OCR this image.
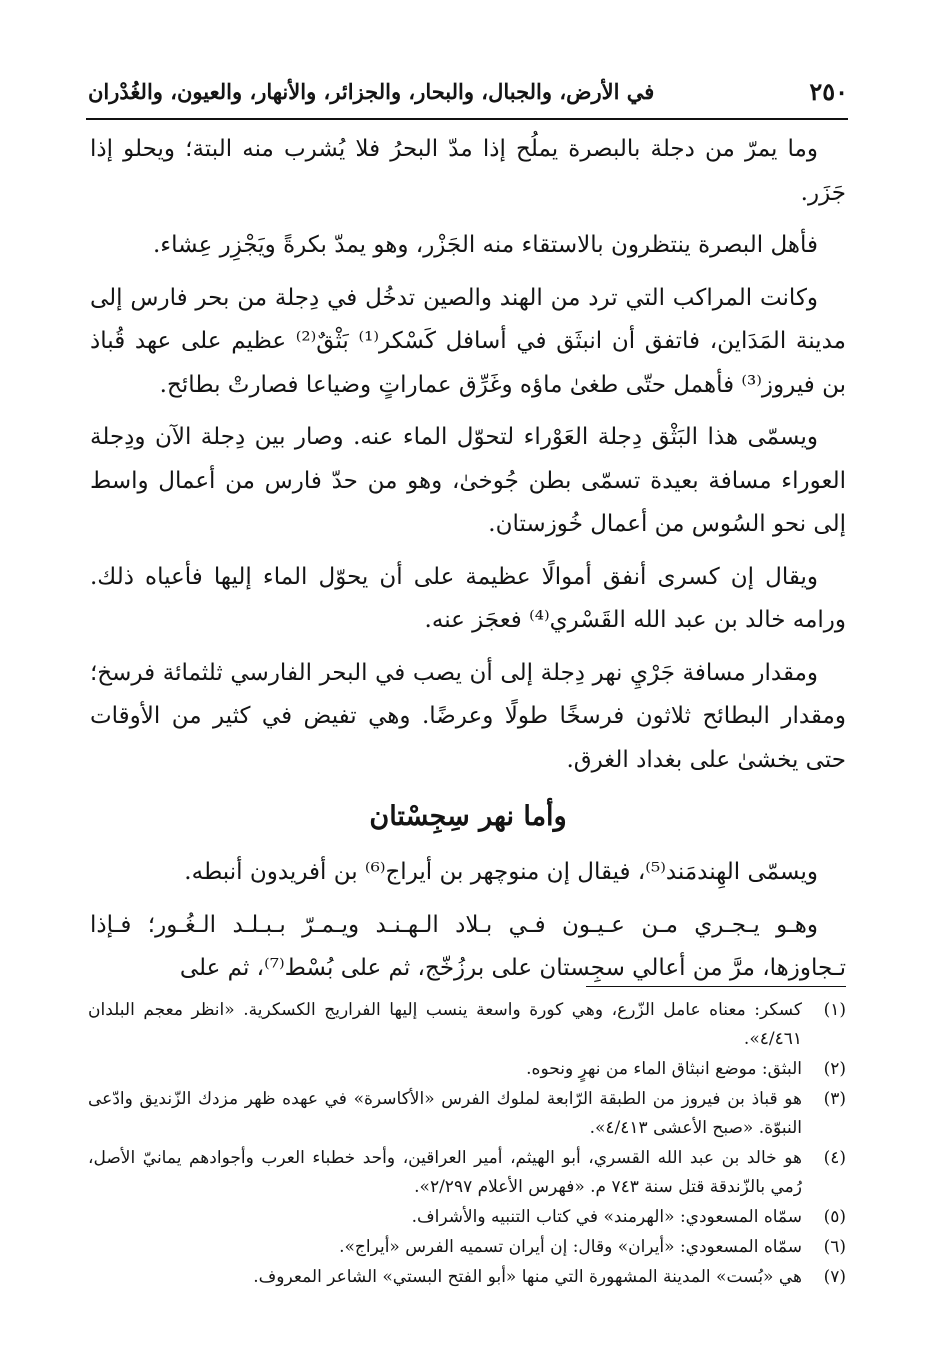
٢٥٠
في الأرض، والجبال، والبحار، والجزائر، والأنهار، والعيون، والغُدْران

وما يمرّ من دجلة بالبصرة يملُح إذا مدّ البحرُ فلا يُشرب منه البتة؛ ويحلو إذا جَزَر.

فأهل البصرة ينتظرون بالاستقاء منه الجَزْر، وهو يمدّ بكرةً ويَجْزِر عِشاء.

وكانت المراكب التي ترد من الهند والصين تدخُل في دِجلة من بحر فارس إلى مدينة المَدَاين، فاتفق أن انبثَق في أسافل كَسْكر⁽¹⁾ بَثْقٌ⁽²⁾ عظيم على عهد قُباذ بن فيروز⁽³⁾ فأهمل حتّى طغىٰ ماؤه وغَرِّق عماراتٍ وضياعا فصارتْ بطائح.

ويسمّى هذا البَثْق دِجلة العَوْراء لتحوّل الماء عنه. وصار بين دِجلة الآن ودِجلة العوراء مسافة بعيدة تسمّى بطن جُوخىٰ، وهو من حدّ فارس من أعمال واسط إلى نحو السُوس من أعمال خُوزستان.

ويقال إن كسرى أنفق أموالًا عظيمة على أن يحوّل الماء إليها فأعياه ذلك. ورامه خالد بن عبد الله القَسْري⁽⁴⁾ فعجَز عنه.

ومقدار مسافة جَرْيِ نهر دِجلة إلى أن يصب في البحر الفارسي ثلثمائة فرسخ؛ ومقدار البطائح ثلاثون فرسخًا طولًا وعرضًا. وهي تفيض في كثير من الأوقات حتى يخشىٰ على بغداد الغرق.

وأما نهر سِجِسْتان

ويسمّى الهِندمَند⁽⁵⁾، فيقال إن منوچهر بن أيراج⁽⁶⁾ بن أفريدون أنبطه.

وهـو يـجـري مـن عـيـون فـي بـلاد الـهـنـد ويـمـرّ بـبـلـد الـغُـور؛ فـإذا تـجاوزها، مرَّ من أعالي سجِستان على برزُخّج، ثم على بُسْط⁽⁷⁾، ثم على

(١)
كسكر: معناه عامل الزّرع، وهي كورة واسعة ينسب إليها الفراريج الكسكرية. «انظر معجم البلدان ٤/٤٦١».
(٢)
البثق: موضع انبثاق الماء من نهرٍ ونحوه.
(٣)
هو قباذ بن فيروز من الطبقة الرّابعة لملوك الفرس «الأكاسرة» في عهده ظهر مزدك الزّنديق وادّعى النبوّة. «صبح الأعشى ٤/٤١٣».
(٤)
هو خالد بن عبد الله القسري، أبو الهيثم، أمير العراقين، وأحد خطباء العرب وأجوادهم يمانيّ الأصل، رُمي بالزّندقة قتل سنة ٧٤٣ م. «فهرس الأعلام ٢/٢٩٧».
(٥)
سمّاه المسعودي: «الهرمند» في كتاب التنبيه والأشراف.
(٦)
سمّاه المسعودي: «أيران» وقال: إن أيران تسميه الفرس «أيراج».
(٧)
هي «بُست» المدينة المشهورة التي منها «أبو الفتح البستي» الشاعر المعروف.
